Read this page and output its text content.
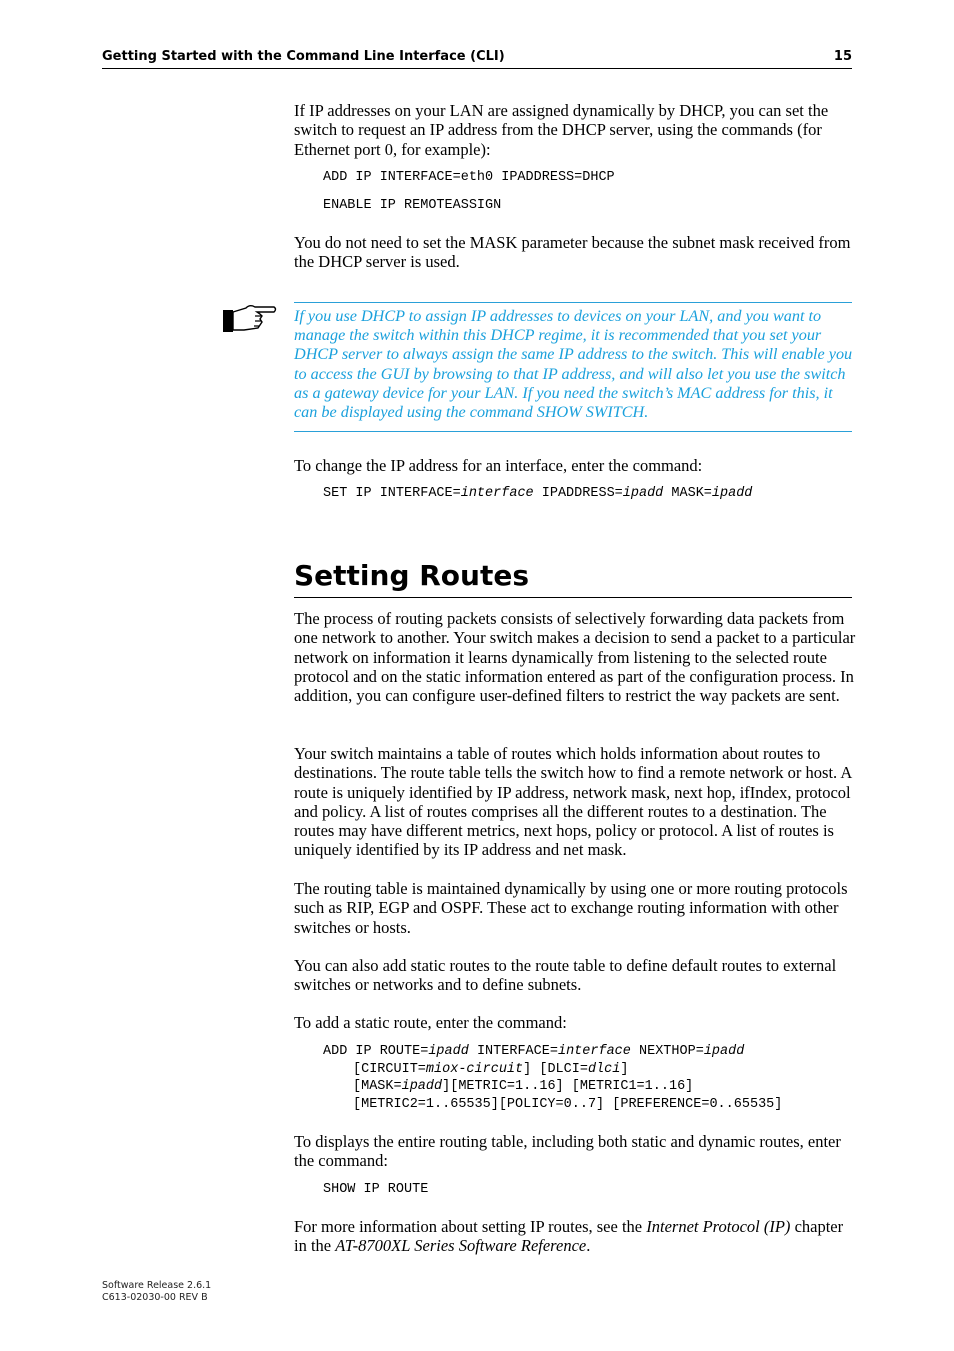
Getting Started with the Command Line Interface (CLI)	15
If IP addresses on your LAN are assigned dynamically by DHCP, you can set the switch to request an IP address from the DHCP server, using the commands (for Ethernet port 0, for example):
ADD IP INTERFACE=eth0 IPADDRESS=DHCP
ENABLE IP REMOTEASSIGN
You do not need to set the MASK parameter because the subnet mask received from the DHCP server is used.
If you use DHCP to assign IP addresses to devices on your LAN, and you want to manage the switch within this DHCP regime, it is recommended that you set your DHCP server to always assign the same IP address to the switch. This will enable you to access the GUI by browsing to that IP address, and will also let you use the switch as a gateway device for your LAN. If you need the switch’s MAC address for this, it can be displayed using the command SHOW SWITCH.
To change the IP address for an interface, enter the command:
SET IP INTERFACE=interface IPADDRESS=ipadd MASK=ipadd
Setting Routes
The process of routing packets consists of selectively forwarding data packets from one network to another. Your switch makes a decision to send a packet to a particular network on information it learns dynamically from listening to the selected route protocol and on the static information entered as part of the configuration process. In addition, you can configure user-defined filters to restrict the way packets are sent.
Your switch maintains a table of routes which holds information about routes to destinations. The route table tells the switch how to find a remote network or host. A route is uniquely identified by IP address, network mask, next hop, ifIndex, protocol and policy. A list of routes comprises all the different routes to a destination. The routes may have different metrics, next hops, policy or protocol. A list of routes is uniquely identified by its IP address and net mask.
The routing table is maintained dynamically by using one or more routing protocols such as RIP, EGP and OSPF. These act to exchange routing information with other switches or hosts.
You can also add static routes to the route table to define default routes to external switches or networks and to define subnets.
To add a static route, enter the command:
ADD IP ROUTE=ipadd INTERFACE=interface NEXTHOP=ipadd
[CIRCUIT=miox-circuit] [DLCI=dlci]
[MASK=ipadd][METRIC=1..16] [METRIC1=1..16]
[METRIC2=1..65535][POLICY=0..7] [PREFERENCE=0..65535]
To displays the entire routing table, including both static and dynamic routes, enter the command:
SHOW IP ROUTE
For more information about setting IP routes, see the Internet Protocol (IP) chapter in the AT-8700XL Series Software Reference.
Software Release 2.6.1
C613-02030-00 REV B
